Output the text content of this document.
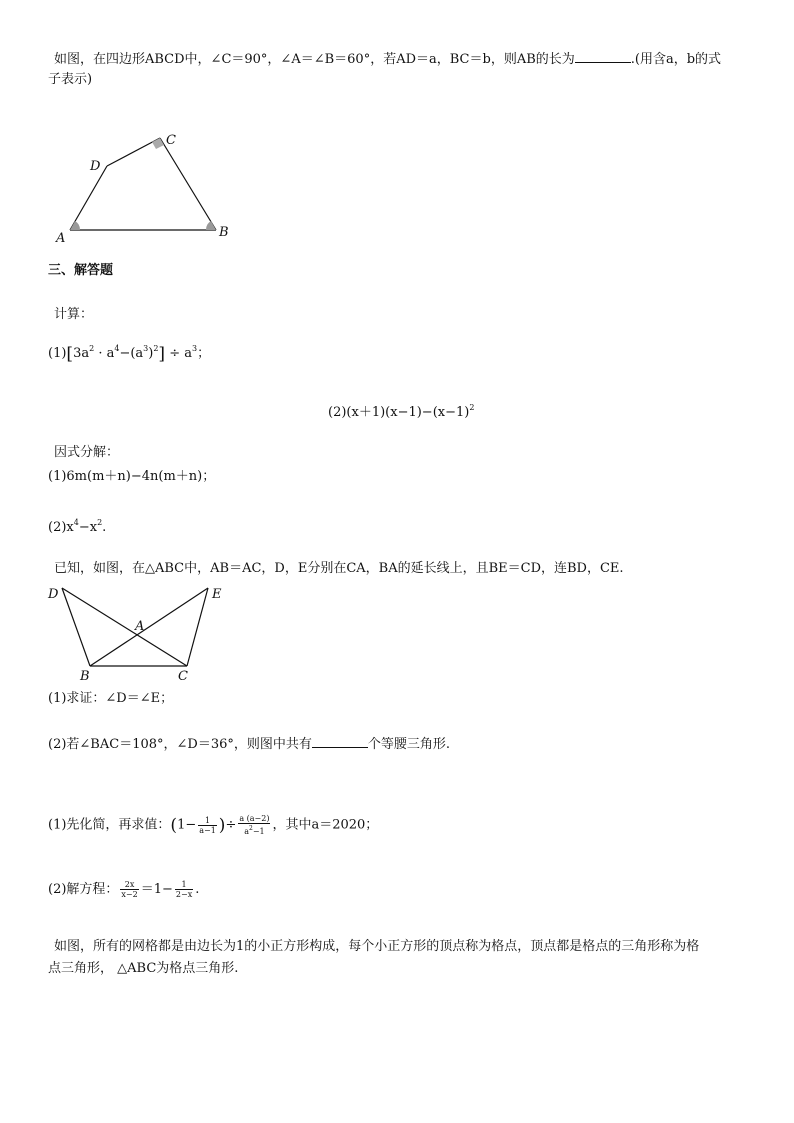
如图，在四边形ABCD中，∠C＝90°，∠A＝∠B＝60°，若AD＝a，BC＝b，则AB的长为	.(用含a，b的式
子表示)
D
C
A	B
三、解答题
计算：
$(1)[3a^2 \cdot a^4-(a^3)^2] \div a^3$；
$(2)(x+1)(x-1)-(x-1)^2$
因式分解：
(1)6m(m＋n)−4n(m＋n)；
$(2)x^4-x^2$.
已知，如图，在△ABC中，AB＝AC，D，E分别在CA，BA的延长线上，且BE＝CD，连BD，CE.
D	E
A
B	C
(1)求证：∠D＝∠E；
(2)若∠BAC＝108°，∠D＝36°，则图中共有	个等腰三角形.
(1)先化简，再求值：($1- \frac{1}{a-1}$ )÷ $\frac{a (a-2)}{a^2-1}$ ，其中a＝2020；
(2)解方程： $\frac{2x}{x-2} =1- \frac{1}{2-x}$ .
如图，所有的网格都是由边长为1的小正方形构成，每个小正方形的顶点称为格点，顶点都是格点的三角形称为格
点三角形， △ABC为格点三角形.
